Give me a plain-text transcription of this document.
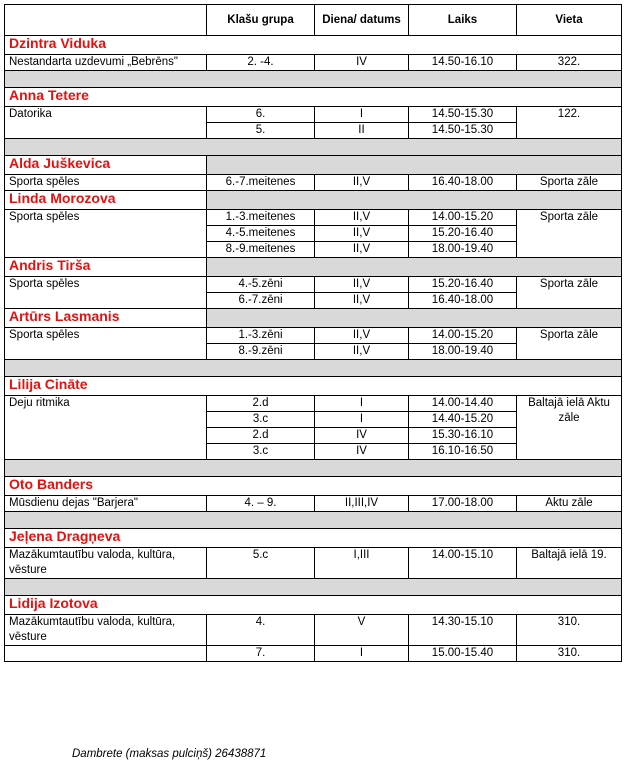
	Klašu grupa	Diena/ datums	Laiks	Vieta
Dzintra Viduka				
Nestandarta uzdevumi „Bebrēns"	2. -4.	IV	14.50-16.10	322.

Anna Tetere				
Datorika	6.	I	14.50-15.30	122.
	5.	II	14.50-15.30	

Alda Juškevica				
Sporta spēles	6.-7.meitenes	II,V	16.40-18.00	Sporta zāle
Linda Morozova				
Sporta spēles	1.-3.meitenes	II,V	14.00-15.20	Sporta zāle
	4.-5.meitenes	II,V	15.20-16.40	
	8.-9.meitenes	II,V	18.00-19.40	
Andris Tirša				
Sporta spēles	4.-5.zēni	II,V	15.20-16.40	Sporta zāle
	6.-7.zēni	II,V	16.40-18.00	
Artūrs Lasmanis				
Sporta spēles	1.-3.zēni	II,V	14.00-15.20	Sporta zāle
	8.-9.zēni	II,V	18.00-19.40	

Lilija Cināte				
Deju ritmika	2.d	I	14.00-14.40	Baltajā ielā Aktu zāle
	3.c	I	14.40-15.20	
	2.d	IV	15.30-16.10	
	3.c	IV	16.10-16.50	

Oto Banders				
Mūsdienu dejas "Barjera"	4. – 9.	II,III,IV	17.00-18.00	Aktu zāle

Jeļena Dragņeva				
Mazākumtautību valoda, kultūra, vēsture	5.c	I,III	14.00-15.10	Baltajā ielā 19.

Lidija Izotova				
Mazākumtautību valoda, kultūra, vēsture	4.	V	14.30-15.10	310.
	7.	I	15.00-15.40	310.
Dambrete (maksas pulciņš) 26438871
